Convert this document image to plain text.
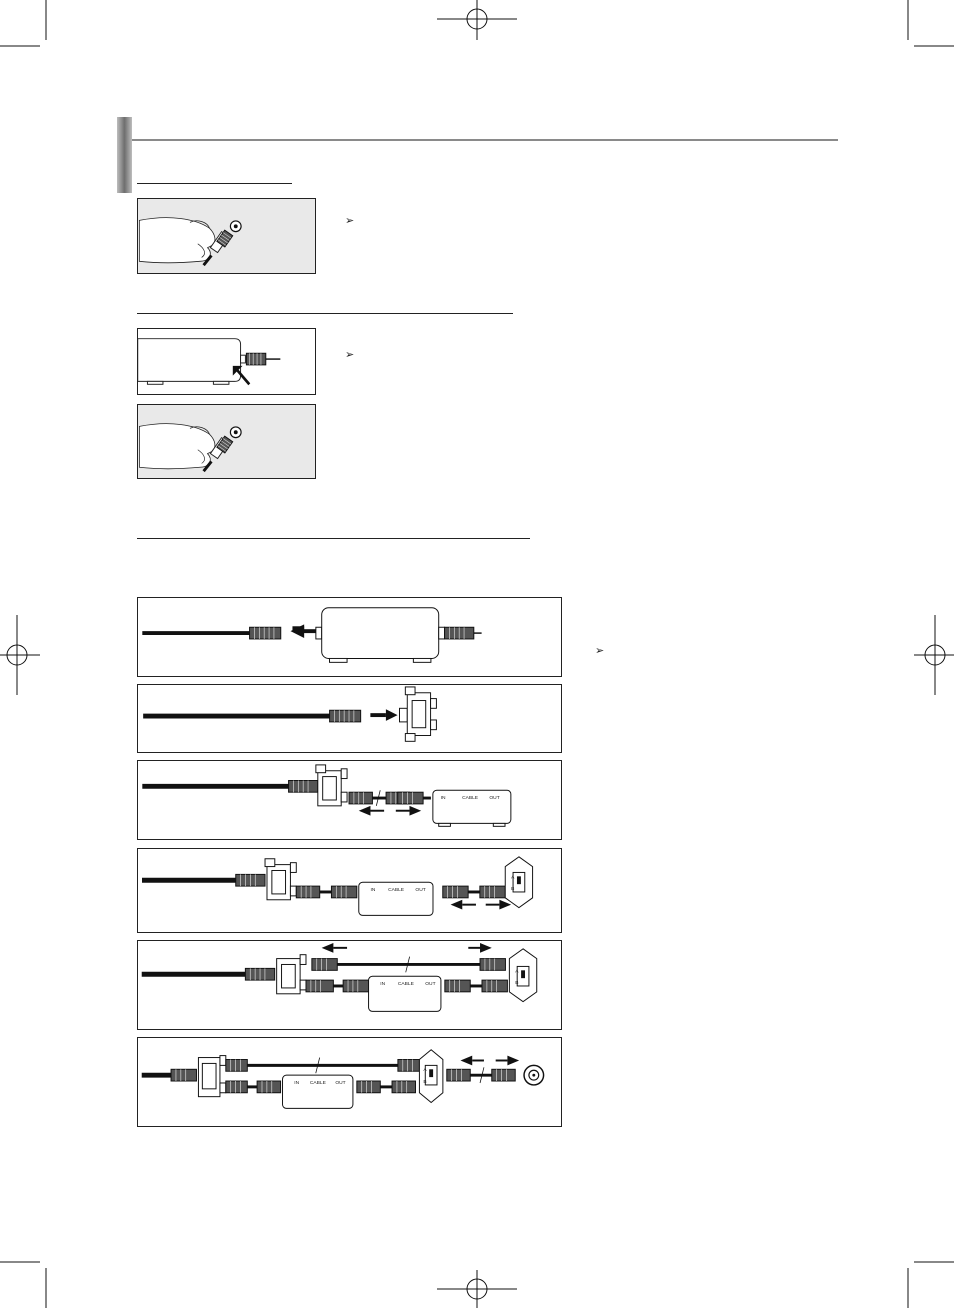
➢
➢
➢
IN	CABLE OUT
IN	CABLE OUT
A
B
IN	CABLE OUT
A
B
IN CABLE OUT
A
B
